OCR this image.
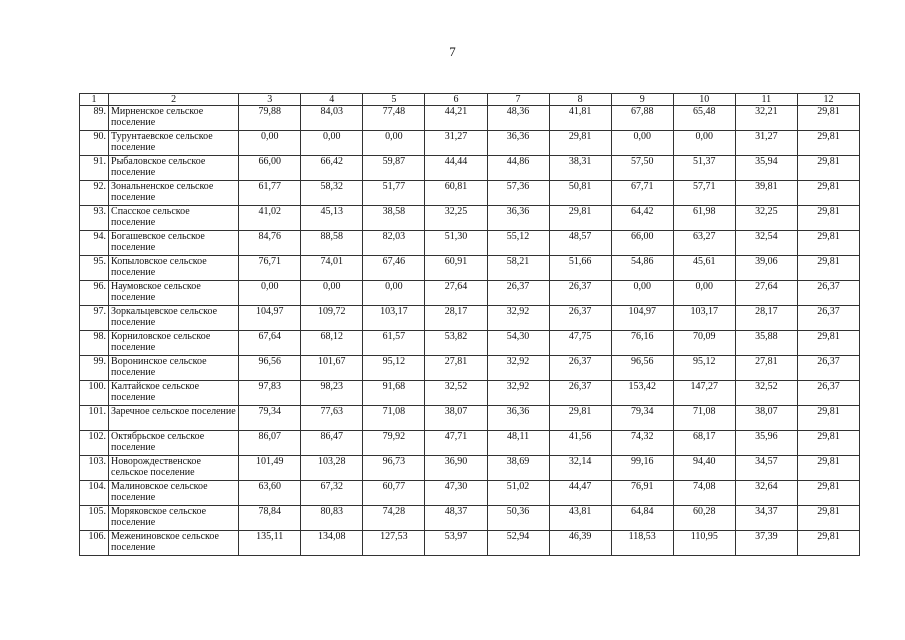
7
1	2	3	4	5	6	7	8	9	10	11	12
89.	Мирненское сельское поселение	79,88	84,03	77,48	44,21	48,36	41,81	67,88	65,48	32,21	29,81
90.	Турунтаевское сельское поселение	0,00	0,00	0,00	31,27	36,36	29,81	0,00	0,00	31,27	29,81
91.	Рыбаловское сельское поселение	66,00	66,42	59,87	44,44	44,86	38,31	57,50	51,37	35,94	29,81
92.	Зональненское сельское поселение	61,77	58,32	51,77	60,81	57,36	50,81	67,71	57,71	39,81	29,81
93.	Спасское сельское поселение	41,02	45,13	38,58	32,25	36,36	29,81	64,42	61,98	32,25	29,81
94.	Богашевское сельское поселение	84,76	88,58	82,03	51,30	55,12	48,57	66,00	63,27	32,54	29,81
95.	Копыловское сельское поселение	76,71	74,01	67,46	60,91	58,21	51,66	54,86	45,61	39,06	29,81
96.	Наумовское сельское поселение	0,00	0,00	0,00	27,64	26,37	26,37	0,00	0,00	27,64	26,37
97.	Зоркальцевское сельское поселение	104,97	109,72	103,17	28,17	32,92	26,37	104,97	103,17	28,17	26,37
98.	Корниловское сельское поселение	67,64	68,12	61,57	53,82	54,30	47,75	76,16	70,09	35,88	29,81
99.	Воронинское сельское поселение	96,56	101,67	95,12	27,81	32,92	26,37	96,56	95,12	27,81	26,37
100.	Калтайское сельское поселение	97,83	98,23	91,68	32,52	32,92	26,37	153,42	147,27	32,52	26,37
101.	Заречное сельское поселение	79,34	77,63	71,08	38,07	36,36	29,81	79,34	71,08	38,07	29,81
102.	Октябрьское сельское поселение	86,07	86,47	79,92	47,71	48,11	41,56	74,32	68,17	35,96	29,81
103.	Новорождественское сельское поселение	101,49	103,28	96,73	36,90	38,69	32,14	99,16	94,40	34,57	29,81
104.	Малиновское сельское поселение	63,60	67,32	60,77	47,30	51,02	44,47	76,91	74,08	32,64	29,81
105.	Моряковское сельское поселение	78,84	80,83	74,28	48,37	50,36	43,81	64,84	60,28	34,37	29,81
106.	Межениновское сельское поселение	135,11	134,08	127,53	53,97	52,94	46,39	118,53	110,95	37,39	29,81
